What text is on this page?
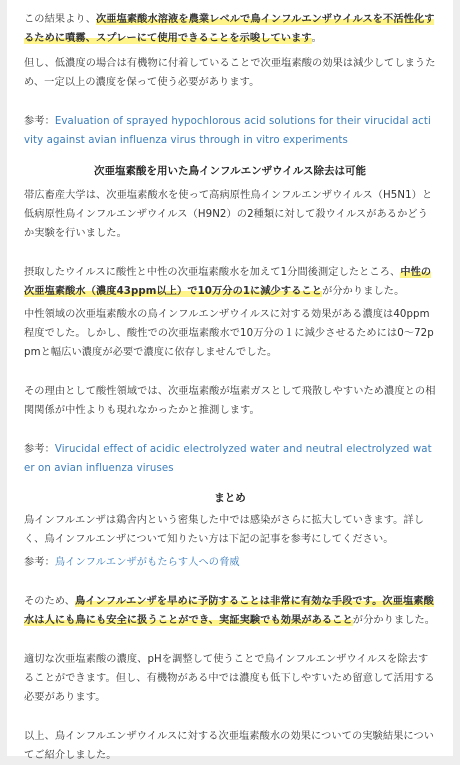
この結果より、次亜塩素酸水溶液を農業レベルで鳥インフルエンザウイルスを不活性化するために噴霧、スプレーにて使用できることを示唆しています。

但し、低濃度の場合は有機物に付着していることで次亜塩素酸の効果は減少してしまうため、一定以上の濃度を保って使う必要があります。

参考：Evaluation of sprayed hypochlorous acid solutions for their virucidal activity against avian influenza virus through in vitro experiments

次亜塩素酸を用いた鳥インフルエンザウイルス除去は可能

帯広畜産大学は、次亜塩素酸水を使って高病原性鳥インフルエンザウイルス（H5N1）と低病原性鳥インフルエンザウイルス（H9N2）の2種類に対して殺ウイルスがあるかどうか実験を行いました。

摂取したウイルスに酸性と中性の次亜塩素酸水を加えて1分間後測定したところ、中性の次亜塩素酸水（濃度43ppm以上）で10万分の1に減少することが分かりました。

中性領域の次亜塩素酸水の鳥インフルエンザウイルスに対する効果がある濃度は40ppm程度でした。しかし、酸性での次亜塩素酸水で10万分の１に減少させるためには0〜72ppmと幅広い濃度が必要で濃度に依存しませんでした。

その理由として酸性領域では、次亜塩素酸が塩素ガスとして飛散しやすいため濃度との相関関係が中性よりも現れなかったかと推測します。

参考：Virucidal effect of acidic electrolyzed water and neutral electrolyzed water on avian influenza viruses

まとめ

鳥インフルエンザは鶏舎内という密集した中では感染がさらに拡大していきます。詳しく、鳥インフルエンザについて知りたい方は下記の記事を参考にしてください。

参考：鳥インフルエンザがもたらす人への脅威

そのため、鳥インフルエンザを早めに予防することは非常に有効な手段です。次亜塩素酸水は人にも鳥にも安全に扱うことができ、実証実験でも効果があることが分かりました。

適切な次亜塩素酸の濃度、pHを調整して使うことで鳥インフルエンザウイルスを除去することができます。但し、有機物がある中では濃度も低下しやすいため留意して活用する必要があります。

以上、鳥インフルエンザウイルスに対する次亜塩素酸水の効果についての実験結果についてご紹介しました。
